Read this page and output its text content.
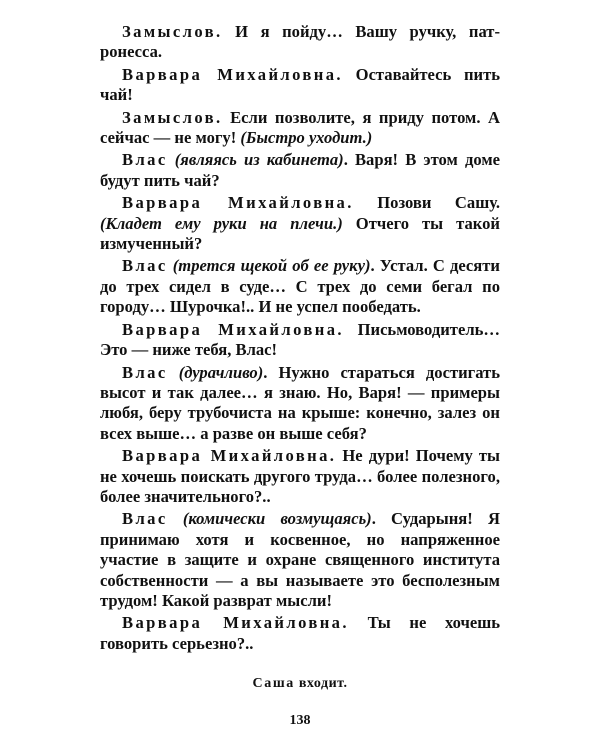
Замыслов. И я пойду… Вашу ручку, патронесса.

Варвара Михайловна. Оставайтесь пить чай!

Замыслов. Если позволите, я приду потом. А сейчас — не могу! (Быстро уходит.)

Влас (являясь из кабинета). Варя! В этом доме будут пить чай?

Варвара Михайловна. Позови Сашу. (Кладет ему руки на плечи.) Отчего ты такой измученный?

Влас (трется щекой об ее руку). Устал. С десяти до трех сидел в суде… С трех до семи бегал по городу… Шурочка!.. И не успел пообедать.

Варвара Михайловна. Письмоводитель… Это — ниже тебя, Влас!

Влас (дурачливо). Нужно стараться достигать высот и так далее… я знаю. Но, Варя! — примеры любя, беру трубочиста на крыше: конечно, залез он всех выше… а разве он выше себя?

Варвара Михайловна. Не дури! Почему ты не хочешь поискать другого труда… более полезного, более значительного?..

Влас (комически возмущаясь). Сударыня! Я принимаю хотя и косвенное, но напряженное участие в защите и охране священного института собственности — а вы называете это бесполезным трудом! Какой разврат мысли!

Варвара Михайловна. Ты не хочешь говорить серьезно?..

Саша входит.
138
